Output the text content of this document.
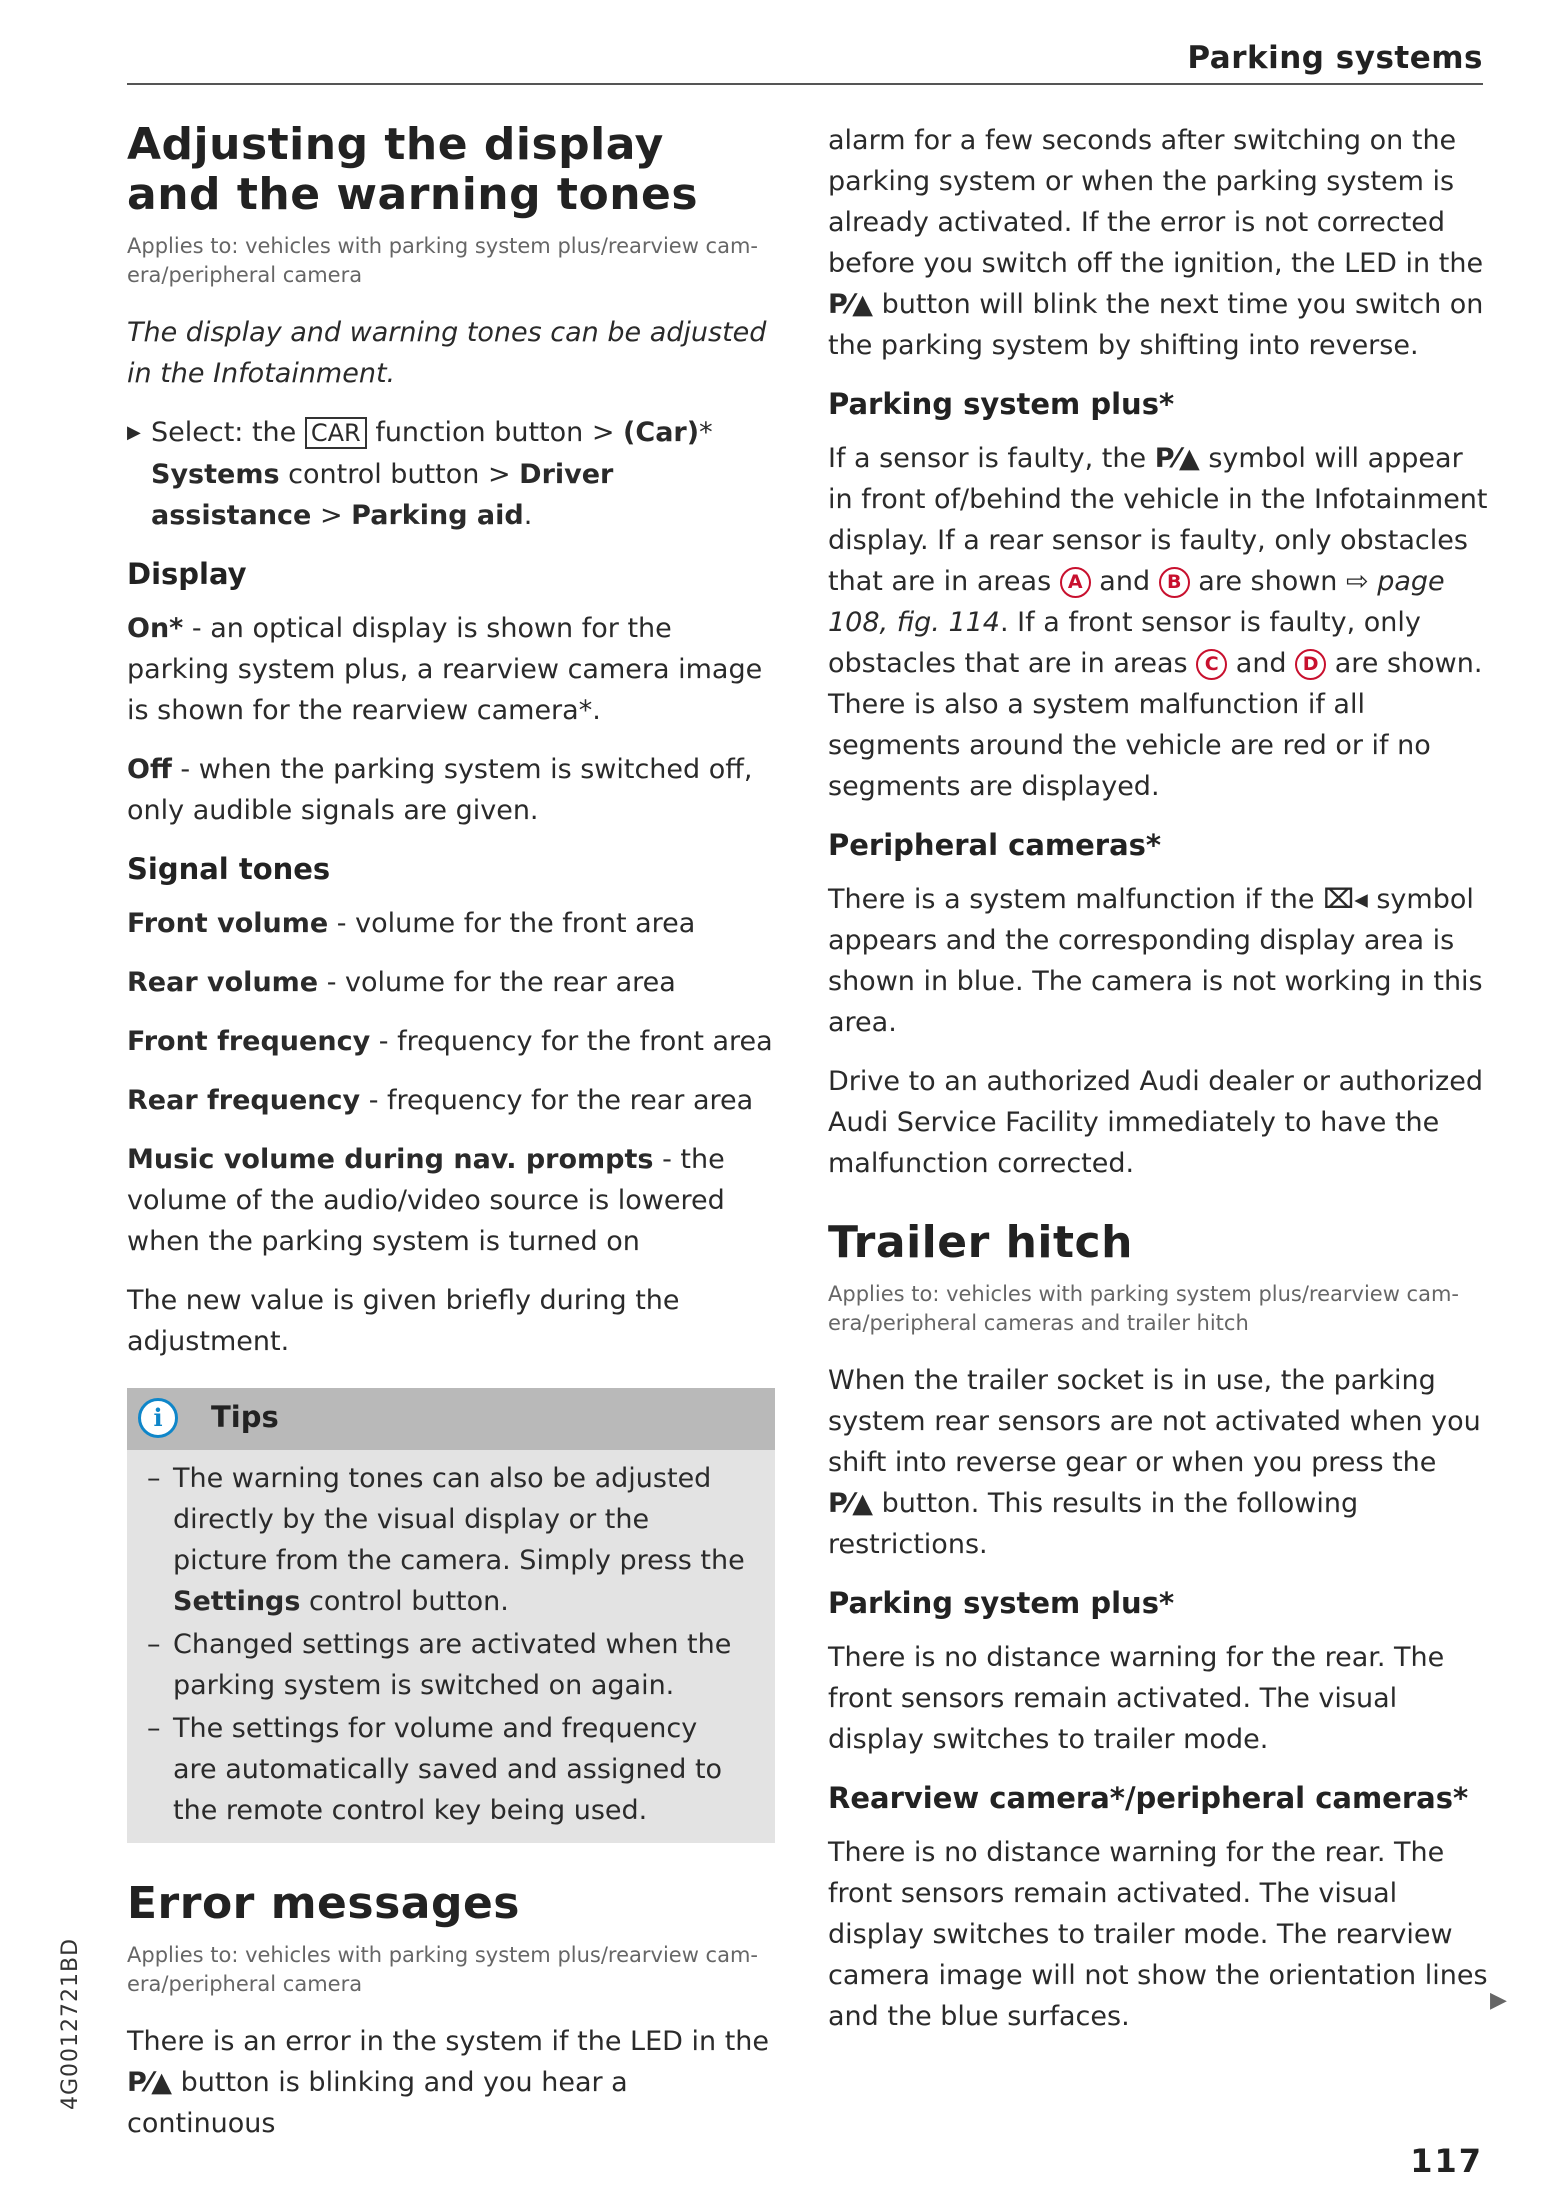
Parking systems
Adjusting the display
and the warning tones
Applies to: vehicles with parking system plus/rearview cam- era/peripheral camera

The display and warning tones can be adjusted in the Infotainment.

▶ Select: the CAR function button > (Car)* Systems control button > Driver assistance > Parking aid.

Display

On* - an optical display is shown for the parking system plus, a rearview camera image is shown for the rearview camera*.

Off - when the parking system is switched off, only audible signals are given.

Signal tones

Front volume - volume for the front area

Rear volume - volume for the rear area

Front frequency - frequency for the front area

Rear frequency - frequency for the rear area

Music volume during nav. prompts - the volume of the audio/video source is lowered when the parking system is turned on

The new value is given briefly during the adjustment.

i	Tips
– The warning tones can also be adjusted directly by the visual display or the picture from the camera. Simply press the Settings control button.
– Changed settings are activated when the parking system is switched on again.
– The settings for volume and frequency are automatically saved and assigned to the remote control key being used.
Error messages
Applies to: vehicles with parking system plus/rearview cam- era/peripheral camera

There is an error in the system if the LED in the P⁄▲ button is blinking and you hear a continuous

alarm for a few seconds after switching on the parking system or when the parking system is already activated. If the error is not corrected before you switch off the ignition, the LED in the P⁄▲ button will blink the next time you switch on the parking system by shifting into reverse.

Parking system plus*

If a sensor is faulty, the P⁄▲ symbol will appear in front of/behind the vehicle in the Infotainment display. If a rear sensor is faulty, only obstacles that are in areas A and B are shown ⇨ page 108, fig. 114. If a front sensor is faulty, only obstacles that are in areas C and D are shown. There is also a system malfunction if all segments around the vehicle are red or if no segments are displayed.

Peripheral cameras*

There is a system malfunction if the ⌧◂ symbol appears and the corresponding display area is shown in blue. The camera is not working in this area.

Drive to an authorized Audi dealer or authorized Audi Service Facility immediately to have the malfunction corrected.

Trailer hitch
Applies to: vehicles with parking system plus/rearview cam- era/peripheral cameras and trailer hitch

When the trailer socket is in use, the parking system rear sensors are not activated when you shift into reverse gear or when you press the P⁄▲ button. This results in the following restrictions.

Parking system plus*

There is no distance warning for the rear. The front sensors remain activated. The visual display switches to trailer mode.

Rearview camera*/peripheral cameras*

There is no distance warning for the rear. The front sensors remain activated. The visual display switches to trailer mode. The rearview camera image will not show the orientation lines and the blue surfaces.

▶
4G0012721BD
117
